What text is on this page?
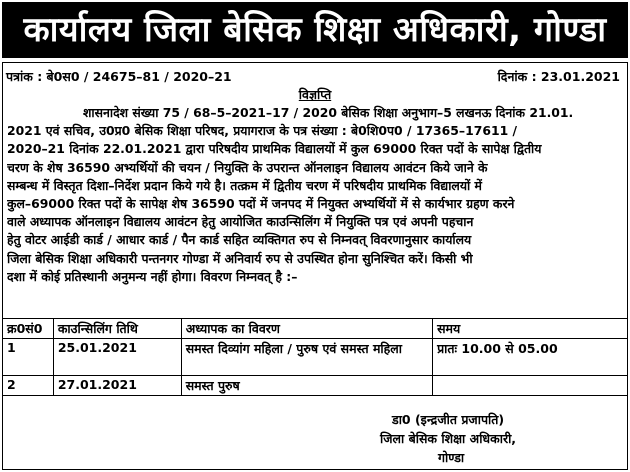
कार्यालय जिला बेसिक शिक्षा अधिकारी, गोण्डा
पत्रांक : बे0स0 / 24675–81 / 2020–21	दिनांक : 23.01.2021
विज्ञप्ति
शासनादेश संख्या 75 / 68–5–2021–17 / 2020 बेसिक शिक्षा अनुभाग–5 लखनऊ दिनांक 21.01.
2021 एवं सचिव, उ0प्र0 बेसिक शिक्षा परिषद, प्रयागराज के पत्र संख्या : बे0शि0प0 / 17365–17611 /
2020–21 दिनांक 22.01.2021 द्वारा परिषदीय प्राथमिक विद्यालयों में कुल 69000 रिक्त पदों के सापेक्ष द्वितीय
चरण के शेष 36590 अभ्यर्थियों की चयन / नियुक्ति के उपरान्त ऑनलाइन विद्यालय आवंटन किये जाने के
सम्बन्ध में विस्तृत दिशा–निर्देश प्रदान किये गये है। तत्क्रम में द्वितीय चरण में परिषदीय प्राथमिक विद्यालयों में
कुल–69000 रिक्त पदों के सापेक्ष शेष 36590 पदों में जनपद में नियुक्त अभ्यर्थियों में से कार्यभार ग्रहण करने
वाले अध्यापक ऑनलाइन विद्यालय आवंटन हेतु आयोजित काउन्सिलिंग में नियुक्ति पत्र एवं अपनी पहचान
हेतु वोटर आईडी कार्ड / आधार कार्ड / पैन कार्ड सहित व्यक्तिगत रुप से निम्नवत् विवरणानुसार कार्यालय
जिला बेसिक शिक्षा अधिकारी पन्तनगर गोण्डा में अनिवार्य रुप से उपस्थित होना सुनिश्चित करें। किसी भी
दशा में कोई प्रतिस्थानी अनुमन्य नहीं होगा। विवरण निम्नवत् है :–
क्र0सं0	काउन्सिलिंग तिथि	अध्यापक का विवरण	समय
1	25.01.2021	समस्त दिव्यांग महिला / पुरुष एवं समस्त महिला	प्रातः 10.00 से 05.00
2	27.01.2021	समस्त पुरुष	
डा0 (इन्द्रजीत प्रजापति)
जिला बेसिक शिक्षा अधिकारी,
गोण्डा
